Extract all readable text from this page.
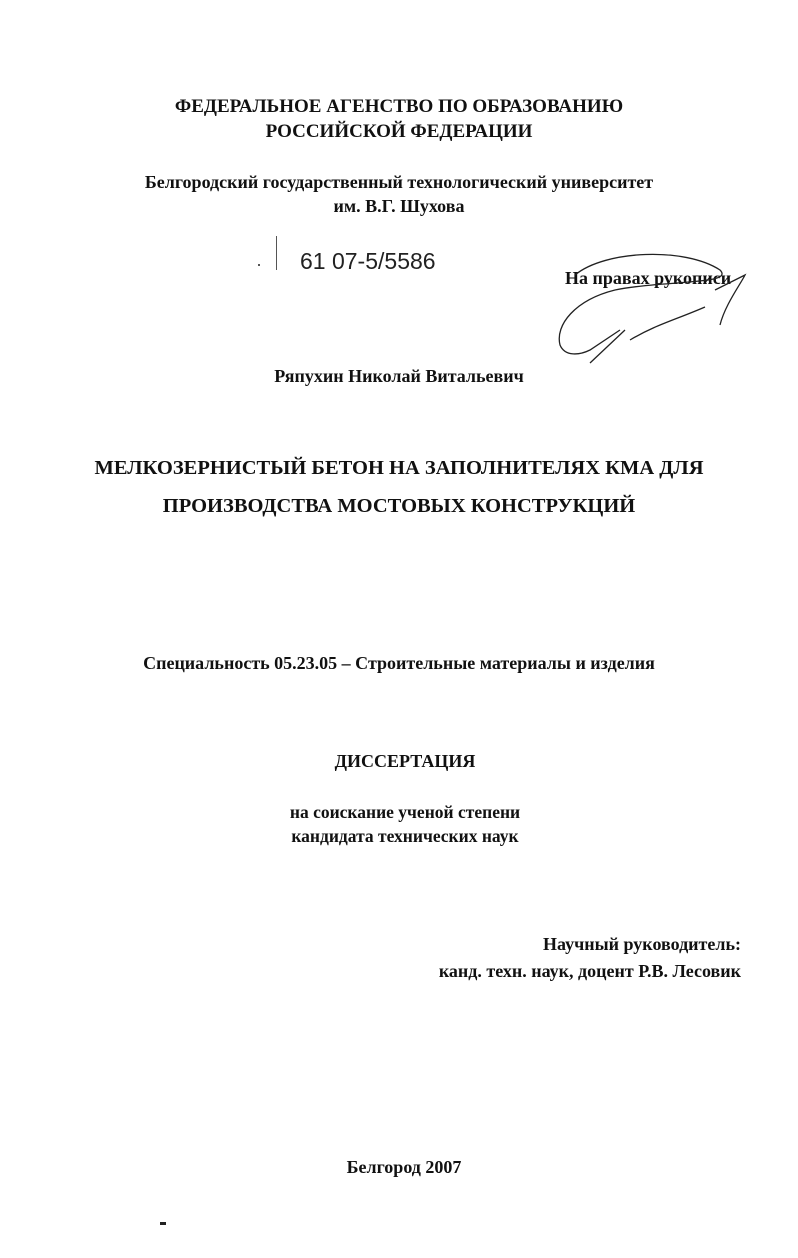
ФЕДЕРАЛЬНОЕ АГЕНСТВО ПО ОБРАЗОВАНИЮ
РОССИЙСКОЙ ФЕДЕРАЦИИ
Белгородский государственный технологический университет
им. В.Г. Шухова
61 07-5/5586
На правах рукописи
Ряпухин Николай Витальевич
МЕЛКОЗЕРНИСТЫЙ БЕТОН НА ЗАПОЛНИТЕЛЯХ КМА ДЛЯ
ПРОИЗВОДСТВА МОСТОВЫХ КОНСТРУКЦИЙ
Специальность 05.23.05 – Строительные материалы и изделия
ДИССЕРТАЦИЯ
на соискание ученой степени
кандидата технических наук
Научный руководитель:
канд. техн. наук, доцент Р.В. Лесовик
Белгород 2007
